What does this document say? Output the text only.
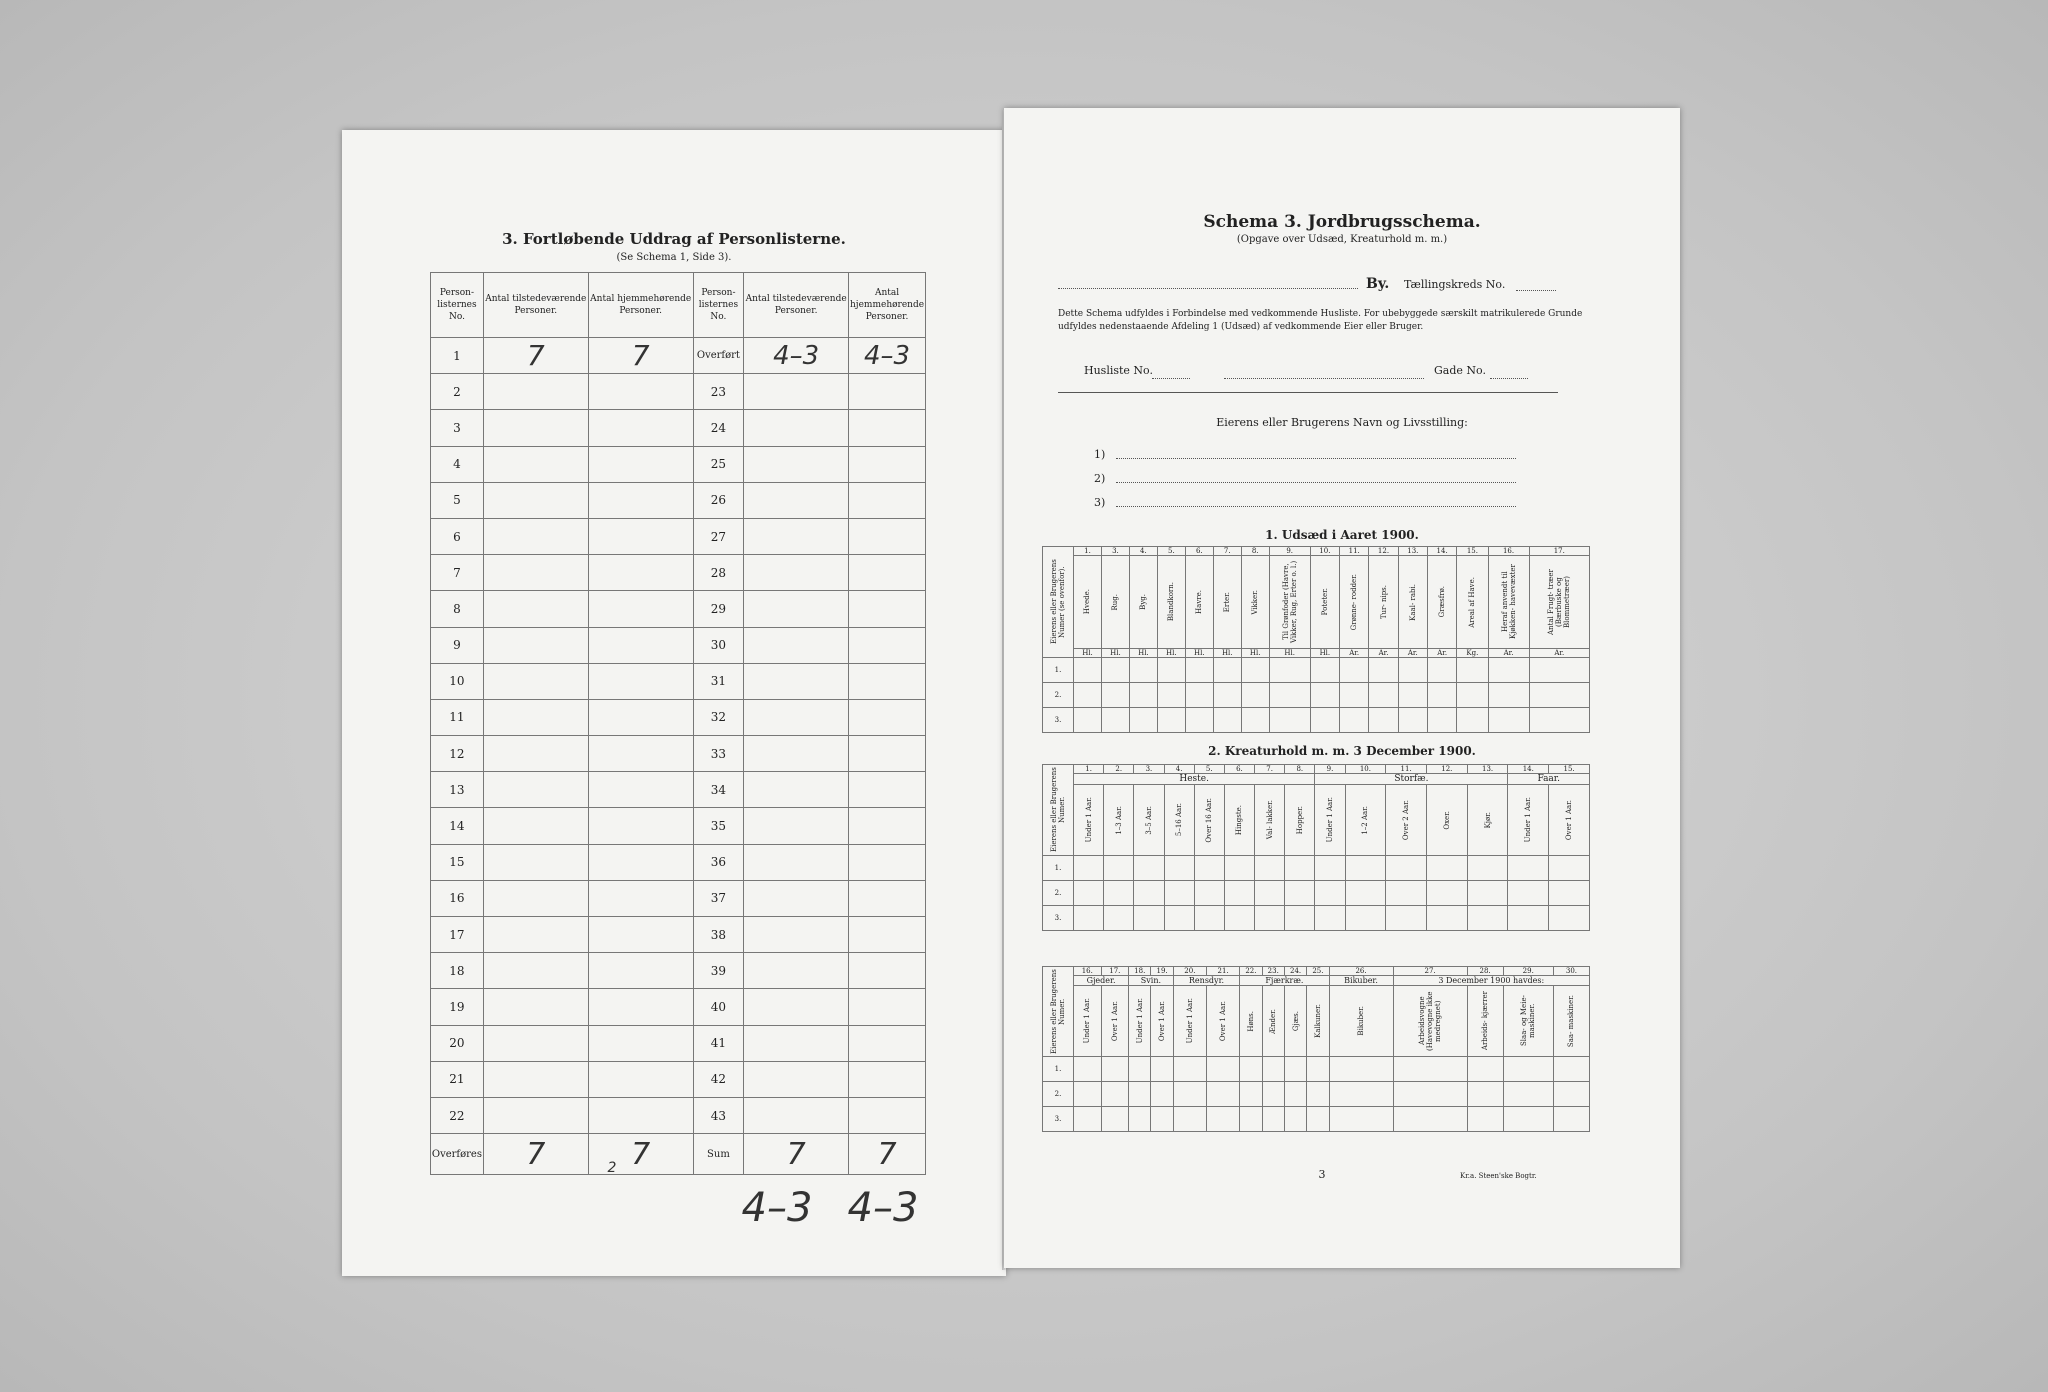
3. Fortløbende Uddrag af Personlisterne.
(Se Schema 1, Side 3).
Person-listernes No.	Antal tilstedeværende Personer.	Antal hjemmehørende Personer.	Person-listernes No.	Antal tilstedeværende Personer.	Antal hjemmehørende Personer.
1	7	7	Overført	4–3	4–3
2			23		
3			24		
4			25		
5			26		
6			27		
7			28		
8			29		
9			30		
10			31		
11			32		
12			33		
13			34		
14			35		
15			36		
16			37		
17			38		
18			39		
19			40		
20			41		
21			42		
22			43		
Overføres	7	7	Sum	7	7
2
4–3 4–3
Schema 3. Jordbrugsschema.
(Opgave over Udsæd, Kreaturhold m. m.)
By. Tællingskreds No.
Dette Schema udfyldes i Forbindelse med vedkommende Husliste. For ubebyggede særskilt matrikulerede Grunde udfyldes nedenstaaende Afdeling 1 (Udsæd) af vedkommende Eier eller Bruger.
Husliste No.	Gade No.
Eierens eller Brugerens Navn og Livsstilling:
1)
2)
3)
1. Udsæd i Aaret 1900.
Eierens eller Brugerens Numer (se ovenfor).	1.	3.	4.	5.	6.	7.	8.	9.	10.	11.	12.	13.	14.	15.	16.	17.

	Hvede.	Rug.	Byg.	Blandkorn.	Havre.	Erter.	Vikker.	Til Grønfoder (Havre, Vikker, Rug, Erter o. l.)	Poteter.	Grønne- rodder.	Tur- nips.	Kaal- rabi.	Græsfrø.	Areal af Have.	Heraf anvendt til Kjøkken- havevæxter	Antal Frugt- træer (Bærbuske og Blommetræer)

	Hl.	Hl.	Hl.	Hl.	Hl.	Hl.	Hl.	Hl.	Hl.	Ar.	Ar.	Ar.	Ar.	Kg.	Ar.	Ar.
1.																
2.																
3.																
2. Kreaturhold m. m. 3 December 1900.
Eierens eller Brugerens Numer.	1.	2.	3.	4.	5.	6.	7.	8.	9.	10.	11.	12.	13.	14.	15.
	Heste.								Storfæ.					Faar.	

	Under 1 Aar.	1–3 Aar.	3–5 Aar.	5–16 Aar.	Over 16 Aar.	Hingste.	Val- lakker.	Hopper.	Under 1 Aar.	1–2 Aar.	Over 2 Aar.	Oxer.	Kjør.	Under 1 Aar.	Over 1 Aar.

1.															
2.															
3.															
Eierens eller Brugerens Numer.	16.	17.	18.	19.	20.	21.	22.	23.	24.	25.	26.	27.	28.	29.	30.
	Gjeder.		Svin.		Rensdyr.		Fjærkræ.				Bikuber.	3 December 1900 havdes:			

	Under 1 Aar.	Over 1 Aar.	Under 1 Aar.	Over 1 Aar.	Under 1 Aar.	Over 1 Aar.	Høns.	Ænder.	Gjæs.	Kalkuner.	Bikuber.	Arbeidsvogne (Havevogne ikke medregnet)	Arbeids- kjærrer	Slaa- og Meie- maskiner.	Saa- maskiner.

1.															
2.															
3.															
3	Kr.a. Steen'ske Bogtr.
